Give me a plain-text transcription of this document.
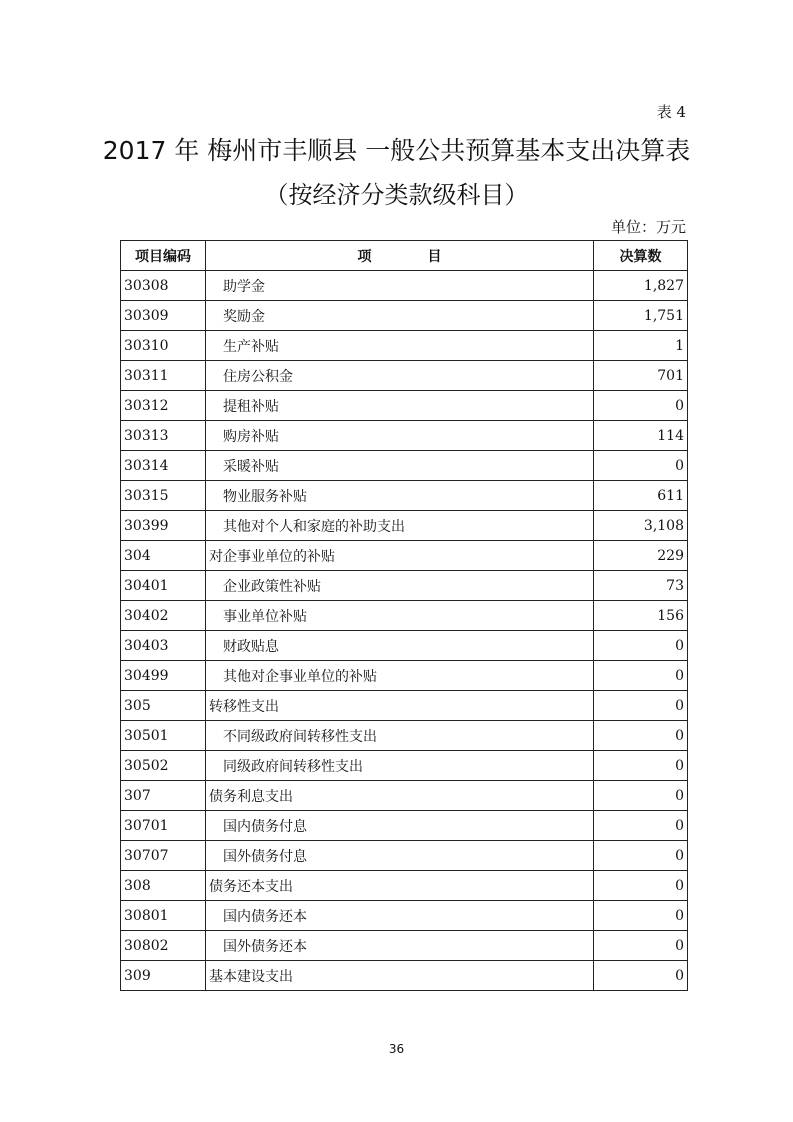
表 4
2017 年 梅州市丰顺县 一般公共预算基本支出决算表
（按经济分类款级科目）
单位：万元
项目编码	项　　　　目	决算数
30308	助学金	1,827
30309	奖励金	1,751
30310	生产补贴	1
30311	住房公积金	701
30312	提租补贴	0
30313	购房补贴	114
30314	采暖补贴	0
30315	物业服务补贴	611
30399	其他对个人和家庭的补助支出	3,108
304	对企事业单位的补贴	229
30401	企业政策性补贴	73
30402	事业单位补贴	156
30403	财政贴息	0
30499	其他对企事业单位的补贴	0
305	转移性支出	0
30501	不同级政府间转移性支出	0
30502	同级政府间转移性支出	0
307	债务利息支出	0
30701	国内债务付息	0
30707	国外债务付息	0
308	债务还本支出	0
30801	国内债务还本	0
30802	国外债务还本	0
309	基本建设支出	0
36
